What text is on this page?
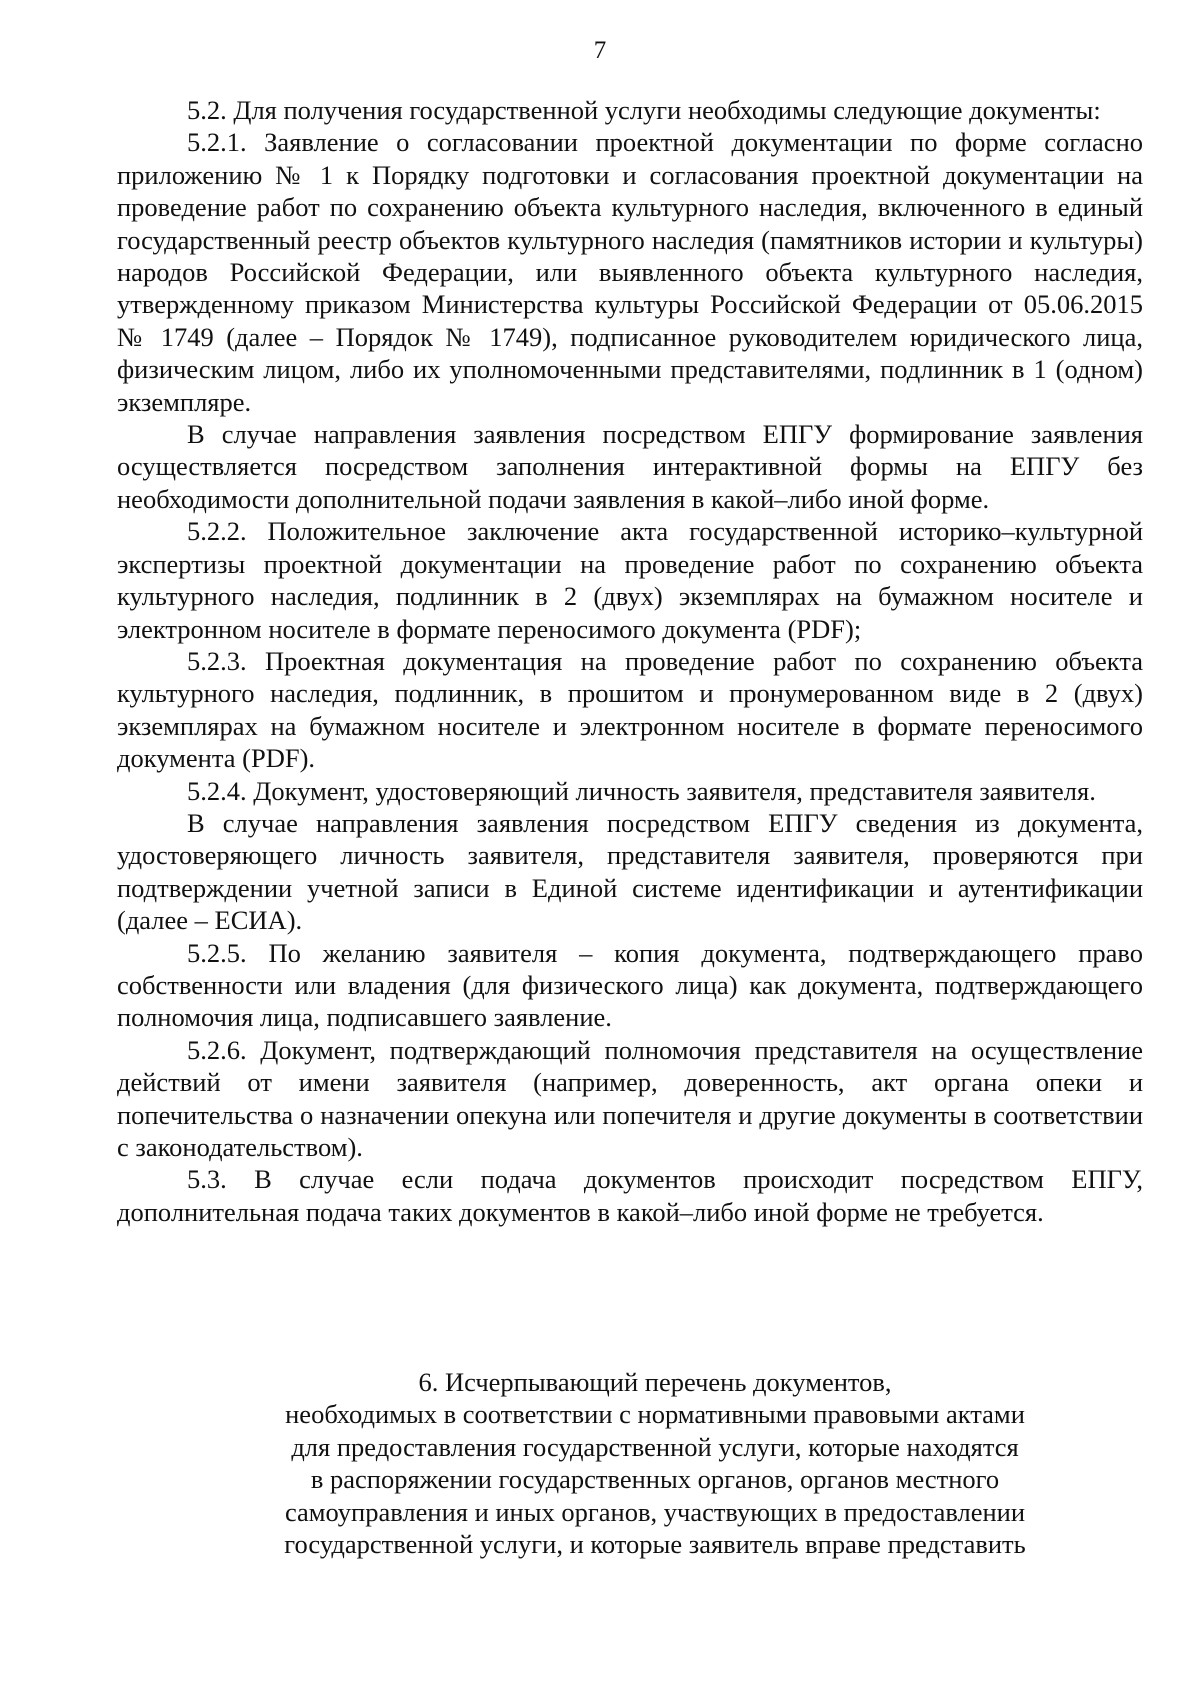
7

5.2. Для получения государственной услуги необходимы следующие документы:

5.2.1. Заявление о согласовании проектной документации по форме согласно приложению № 1 к Порядку подготовки и согласования проектной документации на проведение работ по сохранению объекта культурного наследия, включенного в единый государственный реестр объектов культурного наследия (памятников истории и культуры) народов Российской Федерации, или выявленного объекта культурного наследия, утвержденному приказом Министерства культуры Российской Федерации от 05.06.2015 № 1749 (далее – Порядок № 1749), подписанное руководителем юридического лица, физическим лицом, либо их уполномоченными представителями, подлинник в 1 (одном) экземпляре.

В случае направления заявления посредством ЕПГУ формирование заявления осуществляется посредством заполнения интерактивной формы на ЕПГУ без необходимости дополнительной подачи заявления в какой–либо иной форме.

5.2.2. Положительное заключение акта государственной историко–культурной экспертизы проектной документации на проведение работ по сохранению объекта культурного наследия, подлинник в 2 (двух) экземплярах на бумажном носителе и электронном носителе в формате переносимого документа (PDF);

5.2.3. Проектная документация на проведение работ по сохранению объекта культурного наследия, подлинник, в прошитом и пронумерованном виде в 2 (двух) экземплярах на бумажном носителе и электронном носителе в формате переносимого документа (PDF).

5.2.4. Документ, удостоверяющий личность заявителя, представителя заявителя.

В случае направления заявления посредством ЕПГУ сведения из документа, удостоверяющего личность заявителя, представителя заявителя, проверяются при подтверждении учетной записи в Единой системе идентификации и аутентификации (далее – ЕСИА).

5.2.5. По желанию заявителя – копия документа, подтверждающего право собственности или владения (для физического лица) как документа, подтверждающего полномочия лица, подписавшего заявление.

5.2.6. Документ, подтверждающий полномочия представителя на осуществление действий от имени заявителя (например, доверенность, акт органа опеки и попечительства о назначении опекуна или попечителя и другие документы в соответствии с законодательством).

5.3. В случае если подача документов происходит посредством ЕПГУ, дополнительная подача таких документов в какой–либо иной форме не требуется.

6. Исчерпывающий перечень документов,
необходимых в соответствии с нормативными правовыми актами
для предоставления государственной услуги, которые находятся
в распоряжении государственных органов, органов местного
самоуправления и иных органов, участвующих в предоставлении
государственной услуги, и которые заявитель вправе представить
